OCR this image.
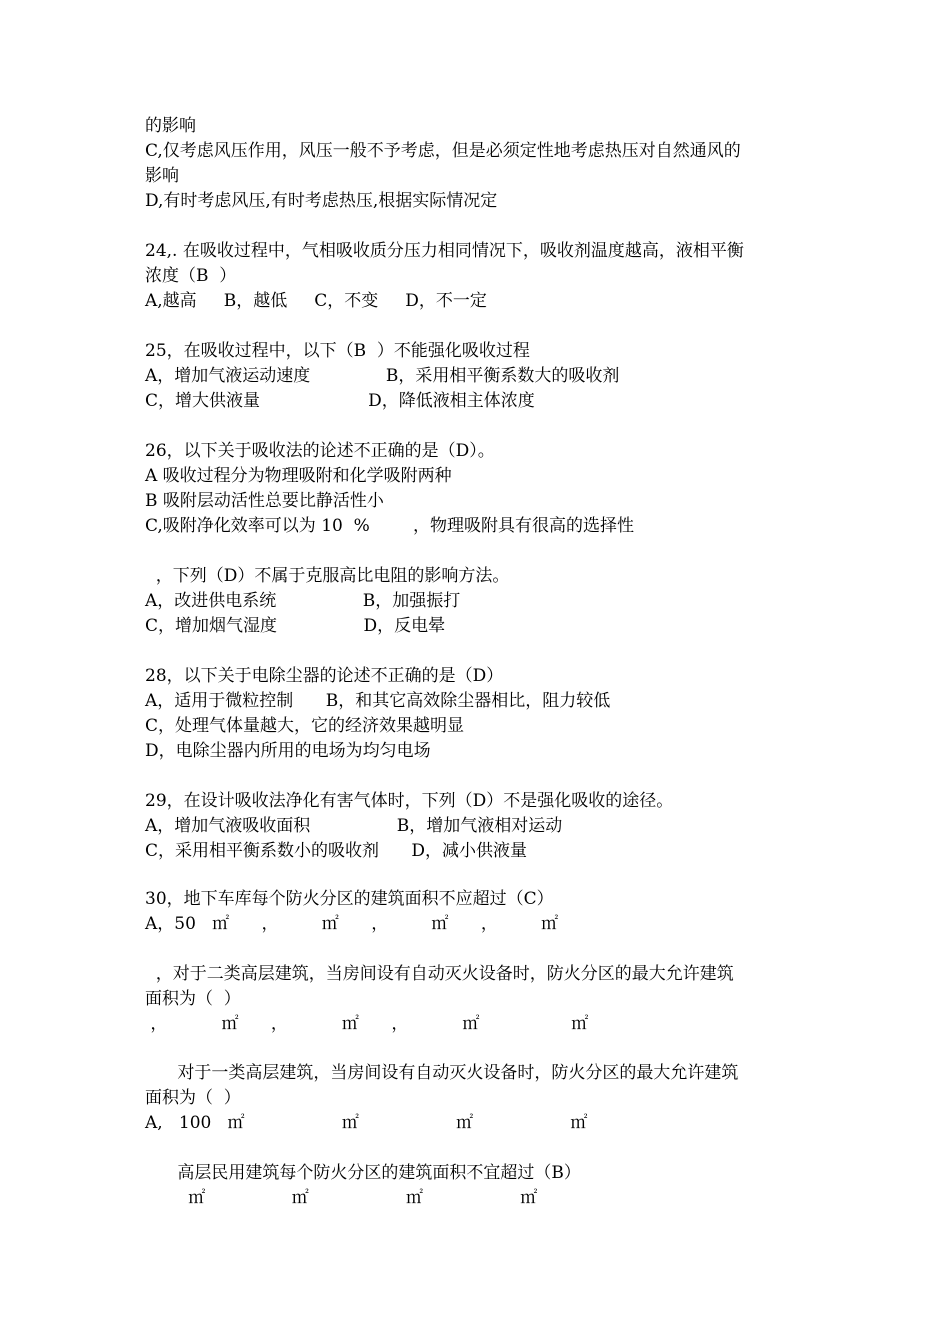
的影响
C,仅考虑风压作用，风压一般不予考虑，但是必须定性地考虑热压对自然通风的
影响
D,有时考虑风压,有时考虑热压,根据实际情况定
24,. 在吸收过程中，气相吸收质分压力相同情况下，吸收剂温度越高，液相平衡
浓度（B  ）
A,越高     B，越低     C，不变     D，不一定
25，在吸收过程中，以下（B  ）不能强化吸收过程
A，增加气液运动速度              B，采用相平衡系数大的吸收剂
C，增大供液量                    D，降低液相主体浓度
26，以下关于吸收法的论述不正确的是（D）。
A 吸收过程分为物理吸附和化学吸附两种
B 吸附层动活性总要比静活性小
C,吸附净化效率可以为 10  %        ，物理吸附具有很高的选择性
，下列（D）不属于克服高比电阻的影响方法。
A，改进供电系统                B，加强振打
C，增加烟气湿度                D，反电晕
28，以下关于电除尘器的论述不正确的是（D）
A，适用于微粒控制      B，和其它高效除尘器相比，阻力较低
C，处理气体量越大，它的经济效果越明显
D，电除尘器内所用的电场为均匀电场
29，在设计吸收法净化有害气体时，下列（D）不是强化吸收的途径。
A，增加气液吸收面积                B，增加气液相对运动
C，采用相平衡系数小的吸收剂      D，减小供液量
30，地下车库每个防火分区的建筑面积不应超过（C）
A，50   ㎡      ，        ㎡      ，        ㎡      ，        ㎡
，对于二类高层建筑，当房间设有自动灭火设备时，防火分区的最大允许建筑
面积为（  ）
，          ㎡      ，          ㎡      ，          ㎡                 ㎡
对于一类高层建筑，当房间设有自动灭火设备时，防火分区的最大允许建筑
面积为（  ）
A,   100   ㎡                  ㎡                  ㎡                  ㎡
高层民用建筑每个防火分区的建筑面积不宜超过（B）
㎡                ㎡                  ㎡                  ㎡
